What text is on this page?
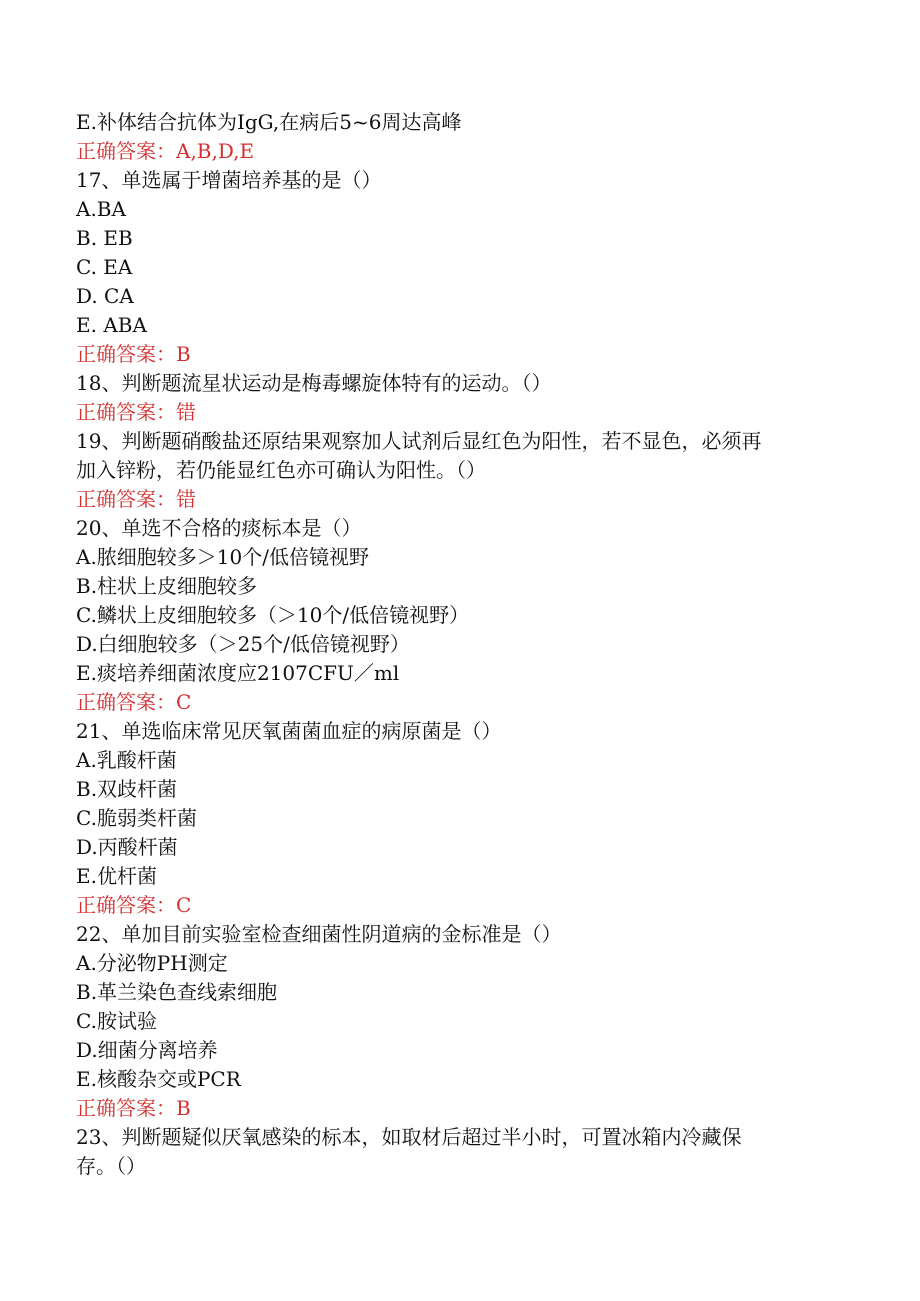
E.补体结合抗体为IgG,在病后5~6周达高峰
正确答案：A,B,D,E
17、单选属于增菌培养基的是（）
A.BA
B. EB
C. EA
D. CA
E. ABA
正确答案：B
18、判断题流星状运动是梅毒螺旋体特有的运动。（）
正确答案：错
19、判断题硝酸盐还原结果观察加人试剂后显红色为阳性，若不显色，必须再
加入锌粉，若仍能显红色亦可确认为阳性。（）
正确答案：错
20、单选不合格的痰标本是（）
A.脓细胞较多＞10个/低倍镜视野
B.柱状上皮细胞较多
C.鳞状上皮细胞较多（＞10个/低倍镜视野）
D.白细胞较多（＞25个/低倍镜视野）
E.痰培养细菌浓度应2107CFU／ml
正确答案：C
21、单选临床常见厌氧菌菌血症的病原菌是（）
A.乳酸杆菌
B.双歧杆菌
C.脆弱类杆菌
D.丙酸杆菌
E.优杆菌
正确答案：C
22、单加目前实验室检查细菌性阴道病的金标准是（）
A.分泌物PH测定
B.革兰染色查线索细胞
C.胺试验
D.细菌分离培养
E.核酸杂交或PCR
正确答案：B
23、判断题疑似厌氧感染的标本，如取材后超过半小时，可置冰箱内冷藏保
存。（）
